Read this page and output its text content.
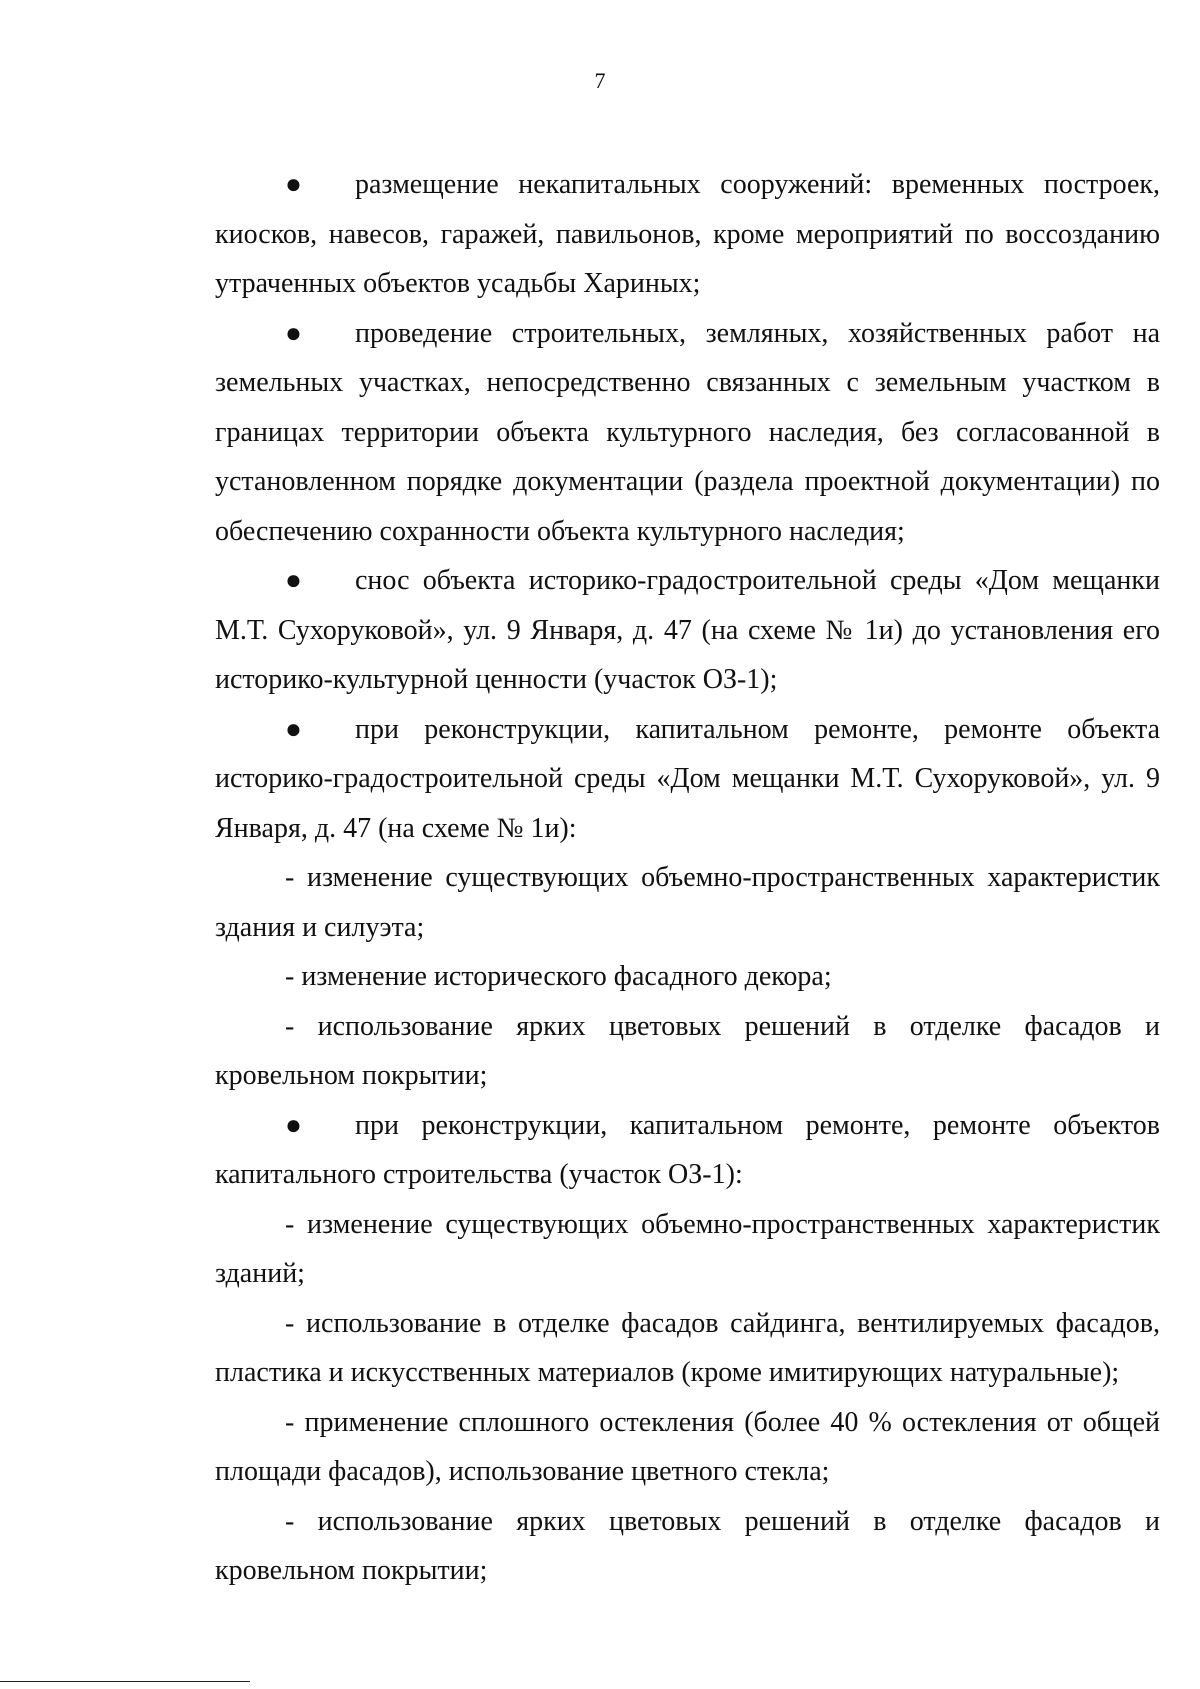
7

● размещение некапитальных сооружений: временных построек, киосков, навесов, гаражей, павильонов, кроме мероприятий по воссозданию утраченных объектов усадьбы Хариных;

● проведение строительных, земляных, хозяйственных работ на земельных участках, непосредственно связанных с земельным участком в границах территории объекта культурного наследия, без согласованной в установленном порядке документации (раздела проектной документации) по обеспечению сохранности объекта культурного наследия;

● снос объекта историко-градостроительной среды «Дом мещанки М.Т. Сухоруковой», ул. 9 Января, д. 47 (на схеме № 1и) до установления его историко-культурной ценности (участок ОЗ-1);

● при реконструкции, капитальном ремонте, ремонте объекта историко-градостроительной среды «Дом мещанки М.Т. Сухоруковой», ул. 9 Января, д. 47 (на схеме № 1и):

- изменение существующих объемно-пространственных характеристик здания и силуэта;

- изменение исторического фасадного декора;

- использование ярких цветовых решений в отделке фасадов и кровельном покрытии;

● при реконструкции, капитальном ремонте, ремонте объектов капитального строительства (участок ОЗ-1):

- изменение существующих объемно-пространственных характеристик зданий;

- использование в отделке фасадов сайдинга, вентилируемых фасадов, пластика и искусственных материалов (кроме имитирующих натуральные);

- применение сплошного остекления (более 40 % остекления от общей площади фасадов), использование цветного стекла;

- использование ярких цветовых решений в отделке фасадов и кровельном покрытии;
